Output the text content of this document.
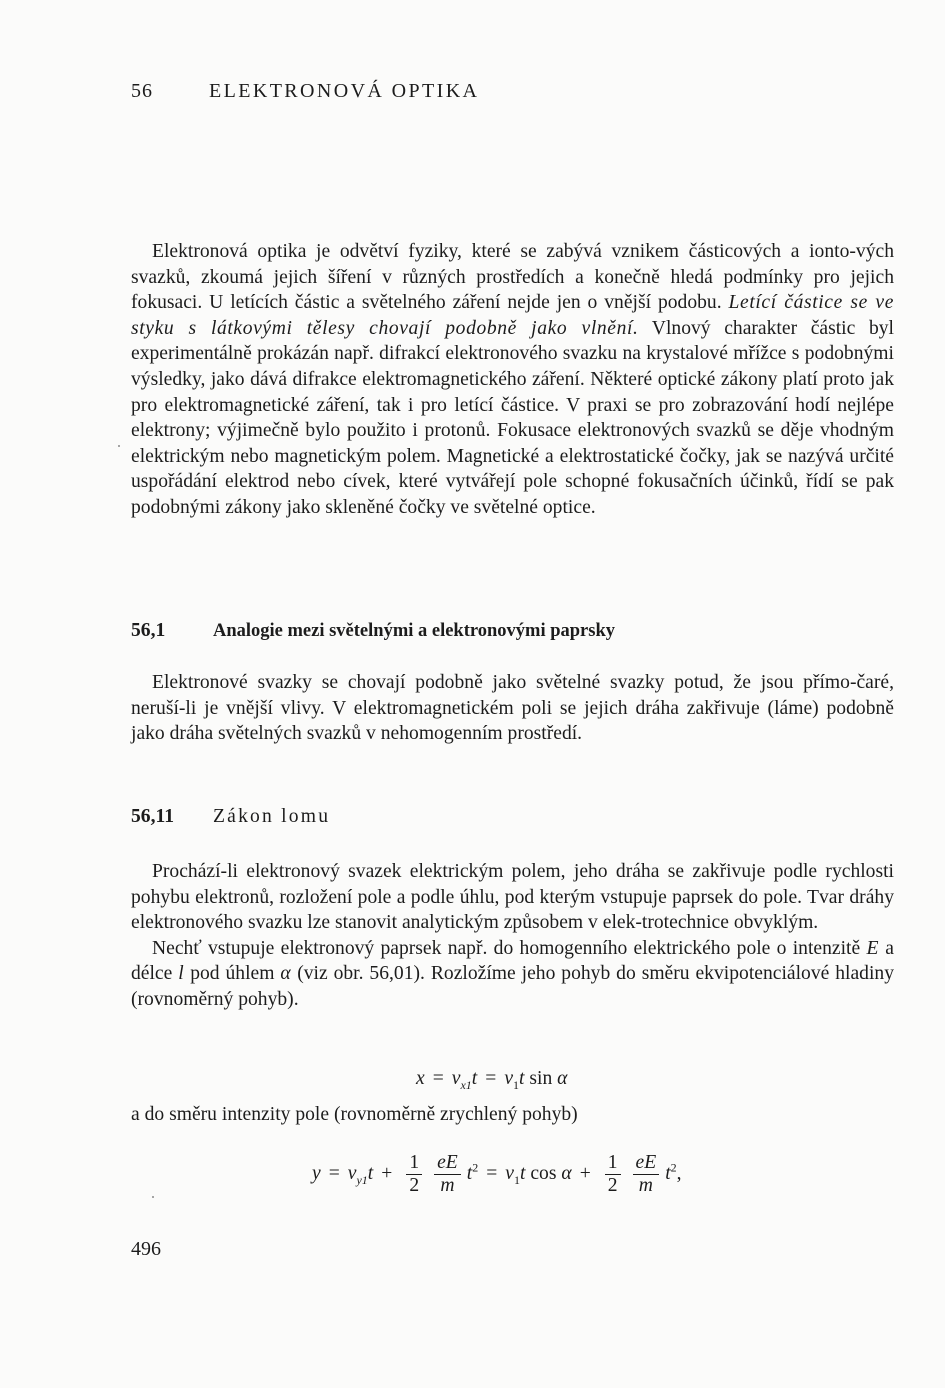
56	ELEKTRONOVÁ OPTIKA

Elektronová optika je odvětví fyziky, které se zabývá vznikem částicových a ionto-vých svazků, zkoumá jejich šíření v různých prostředích a konečně hledá podmínky pro jejich fokusaci. U letících částic a světelného záření nejde jen o vnější podobu. Letící částice se ve styku s látkovými tělesy chovají podobně jako vlnění. Vlnový charakter částic byl experimentálně prokázán např. difrakcí elektronového svazku na krystalové mřížce s podobnými výsledky, jako dává difrakce elektromagnetického záření. Některé optické zákony platí proto jak pro elektromagnetické záření, tak i pro letící částice. V praxi se pro zobrazování hodí nejlépe elektrony; výjimečně bylo použito i protonů. Fokusace elektronových svazků se děje vhodným elektrickým nebo magnetickým polem. Magnetické a elektrostatické čočky, jak se nazývá určité uspořádání elektrod nebo cívek, které vytvářejí pole schopné fokusačních účinků, řídí se pak podobnými zákony jako skleněné čočky ve světelné optice.

56,1	Analogie mezi světelnými a elektronovými paprsky

Elektronové svazky se chovají podobně jako světelné svazky potud, že jsou přímo-čaré, neruší-li je vnější vlivy. V elektromagnetickém poli se jejich dráha zakřivuje (láme) podobně jako dráha světelných svazků v nehomogenním prostředí.

56,11 Zákon lomu

Prochází-li elektronový svazek elektrickým polem, jeho dráha se zakřivuje podle rychlosti pohybu elektronů, rozložení pole a podle úhlu, pod kterým vstupuje paprsek do pole. Tvar dráhy elektronového svazku lze stanovit analytickým způsobem v elek-trotechnice obvyklým.

Nechť vstupuje elektronový paprsek např. do homogenního elektrického pole o intenzitě E a délce l pod úhlem α (viz obr. 56,01). Rozložíme jeho pohyb do směru ekvipotenciálové hladiny (rovnoměrný pohyb).

$x = v_{x1}t = v_1t$ sin α

a do směru intenzity pole (rovnoměrně zrychlený pohyb)

$y = v_{y1}t + \frac{1}{2} \frac{eE}{m} t^2 = v_1t$ $\cos \alpha + \frac{1}{2} \frac{eE}{m} t^2$,
496
